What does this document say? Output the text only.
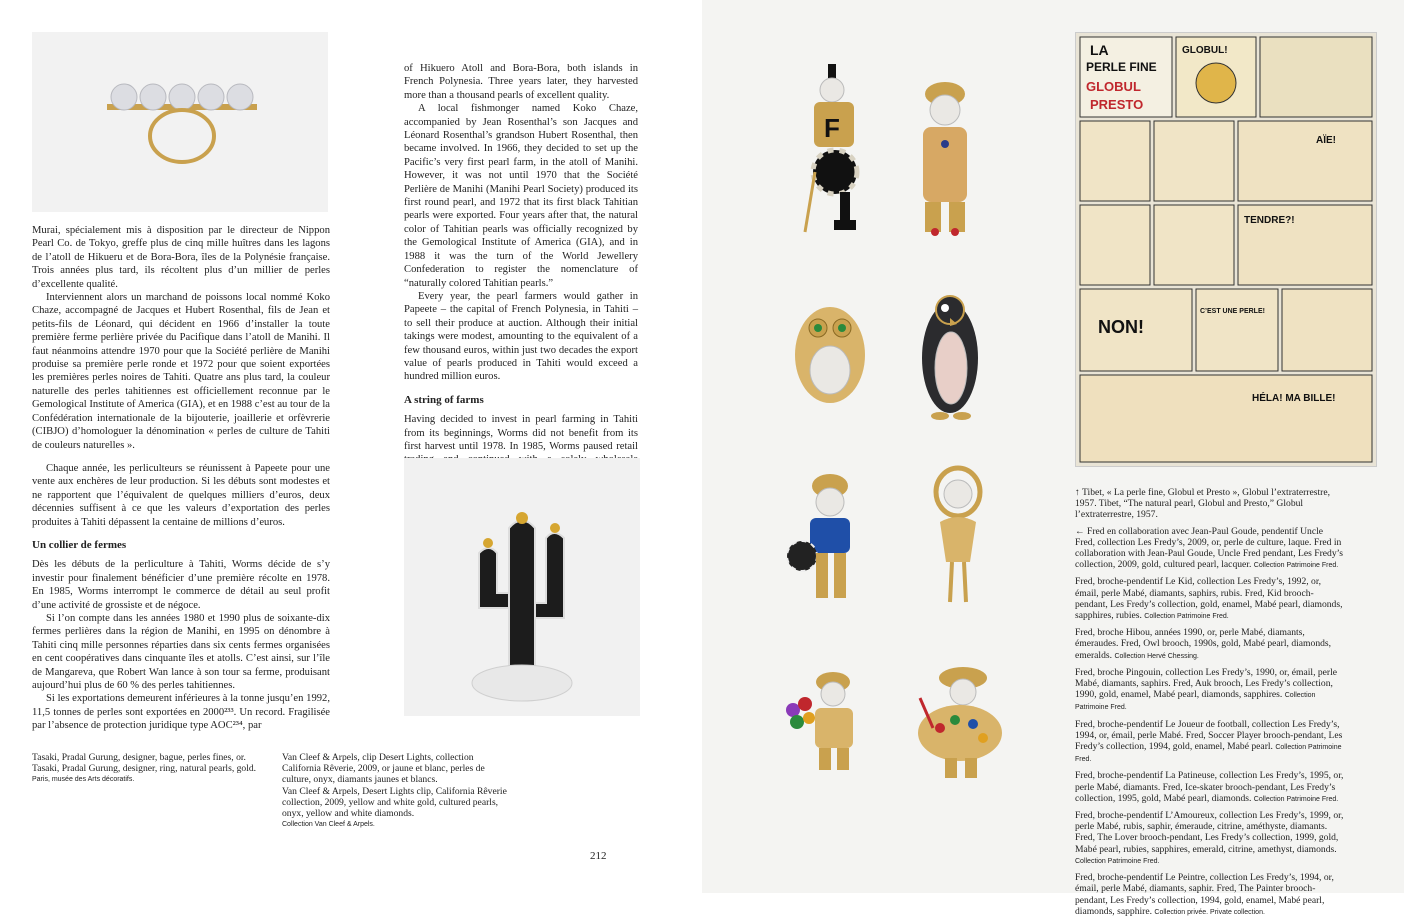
Murai, spécialement mis à disposition par le directeur de Nippon Pearl Co. de Tokyo, greffe plus de cinq mille huîtres dans les lagons de l’atoll de Hikueru et de Bora-Bora, îles de la Polynésie française. Trois années plus tard, ils récoltent plus d’un millier de perles d’excellente qualité.

Interviennent alors un marchand de poissons local nommé Koko Chaze, accompagné de Jacques et Hubert Rosenthal, fils de Jean et petits-fils de Léonard, qui décident en 1966 d’installer la toute première ferme perlière privée du Pacifique dans l’atoll de Manihi. Il faut néanmoins attendre 1970 pour que la Société perlière de Manihi produise sa première perle ronde et 1972 pour que soient exportées les premières perles noires de Tahiti. Quatre ans plus tard, la couleur naturelle des perles tahitiennes est officiellement reconnue par le Gemological Institute of America (GIA), et en 1988 c’est au tour de la Confédération internationale de la bijouterie, joaillerie et orfèvrerie (CIBJO) d’homologuer la dénomination « perles de culture de Tahiti de couleurs naturelles ».

Chaque année, les perliculteurs se réunissent à Papeete pour une vente aux enchères de leur production. Si les débuts sont modestes et ne rapportent que l’équivalent de quelques milliers d’euros, deux décennies suffisent à ce que les valeurs d’exportation des perles produites à Tahiti dépassent la centaine de millions d’euros.

Un collier de fermes

Dès les débuts de la perliculture à Tahiti, Worms décide de s’y investir pour finalement bénéficier d’une première récolte en 1978. En 1985, Worms interrompt le commerce de détail au seul profit d’une activité de grossiste et de négoce.

Si l’on compte dans les années 1980 et 1990 plus de soixante-dix fermes perlières dans la région de Manihi, en 1995 on dénombre à Tahiti cinq mille personnes réparties dans six cents fermes organisées en cent coopératives dans cinquante îles et atolls. C’est ainsi, sur l’île de Mangareva, que Robert Wan lance à son tour sa ferme, produisant aujourd’hui plus de 60 % des perles tahitiennes.

Si les exportations demeurent inférieures à la tonne jusqu’en 1992, 11,5 tonnes de perles sont exportées en 2000²³³. Un record. Fragilisée par l’absence de protection juridique type AOC²³⁴, par

of Hikuero Atoll and Bora-Bora, both islands in French Polynesia. Three years later, they harvested more than a thousand pearls of excellent quality.

A local fishmonger named Koko Chaze, accompanied by Jean Rosenthal’s son Jacques and Léonard Rosenthal’s grandson Hubert Rosenthal, then became involved. In 1966, they decided to set up the Pacific’s very first pearl farm, in the atoll of Manihi. However, it was not until 1970 that the Société Perlière de Manihi (Manihi Pearl Society) produced its first round pearl, and 1972 that its first black Tahitian pearls were exported. Four years after that, the natural color of Tahitian pearls was officially recognized by the Gemological Institute of America (GIA), and in 1988 it was the turn of the World Jewellery Confederation to register the nomenclature of “naturally colored Tahitian pearls.”

Every year, the pearl farmers would gather in Papeete – the capital of French Polynesia, in Tahiti – to sell their produce at auction. Although their initial takings were modest, amounting to the equivalent of a few thousand euros, within just two decades the export value of pearls produced in Tahiti would exceed a hundred million euros.

A string of farms

Having decided to invest in pearl farming in Tahiti from its beginnings, Worms did not benefit from its first harvest until 1978. In 1985, Worms paused retail

Tasaki, Pradal Gurung, designer, bague, perles fines, or.
Tasaki, Pradal Gurung, designer, ring, natural pearls, gold.
Paris, musée des Arts décoratifs.
Van Cleef & Arpels, clip Desert Lights, collection California Rêverie, 2009, or jaune et blanc, perles de culture, onyx, diamants jaunes et blancs.
Van Cleef & Arpels, Desert Lights clip, California Rêverie collection, 2009, yellow and white gold, cultured pearls, onyx, yellow and white diamonds.
Collection Van Cleef & Arpels.
212
F
LA
PERLE FINE
GLOBUL
PRESTO
GLOBUL!
AÏE!
TENDRE?!
NON!
C’EST UNE PERLE!
HÉLA! MA BILLE!

↑ Tibet, « La perle fine, Globul et Presto », Globul l’extraterrestre, 1957. Tibet, “The natural pearl, Globul and Presto,” Globul l’extraterrestre, 1957.

← Fred en collaboration avec Jean-Paul Goude, pendentif Uncle Fred, collection Les Fredy’s, 2009, or, perle de culture, laque. Fred in collaboration with Jean-Paul Goude, Uncle Fred pendant, Les Fredy’s collection, 2009, gold, cultured pearl, lacquer. Collection Patrimoine Fred.

Fred, broche-pendentif Le Kid, collection Les Fredy’s, 1992, or, émail, perle Mabé, diamants, saphirs, rubis. Fred, Kid brooch-pendant, Les Fredy’s collection, gold, enamel, Mabé pearl, diamonds, sapphires, rubies. Collection Patrimoine Fred.

Fred, broche Hibou, années 1990, or, perle Mabé, diamants, émeraudes. Fred, Owl brooch, 1990s, gold, Mabé pearl, diamonds, emeralds. Collection Hervé Chessing.

Fred, broche Pingouin, collection Les Fredy’s, 1990, or, émail, perle Mabé, diamants, saphirs. Fred, Auk brooch, Les Fredy’s collection, 1990, gold, enamel, Mabé pearl, diamonds, sapphires. Collection Patrimoine Fred.

Fred, broche-pendentif Le Joueur de football, collection Les Fredy’s, 1994, or, émail, perle Mabé. Fred, Soccer Player brooch-pendant, Les Fredy’s collection, 1994, gold, enamel, Mabé pearl. Collection Patrimoine Fred.

Fred, broche-pendentif La Patineuse, collection Les Fredy’s, 1995, or, perle Mabé, diamants. Fred, Ice-skater brooch-pendant, Les Fredy’s collection, 1995, gold, Mabé pearl, diamonds. Collection Patrimoine Fred.

Fred, broche-pendentif L’Amoureux, collection Les Fredy’s, 1999, or, perle Mabé, rubis, saphir, émeraude, citrine, améthyste, diamants. Fred, The Lover brooch-pendant, Les Fredy’s collection, 1999, gold, Mabé pearl, rubies, sapphires, emerald, citrine, amethyst, diamonds. Collection Patrimoine Fred.

Fred, broche-pendentif Le Peintre, collection Les Fredy’s, 1994, or, émail, perle Mabé, diamants, saphir. Fred, The Painter brooch-pendant, Les Fredy’s collection, 1994, gold, enamel, Mabé pearl, diamonds, sapphire. Collection privée. Private collection.
